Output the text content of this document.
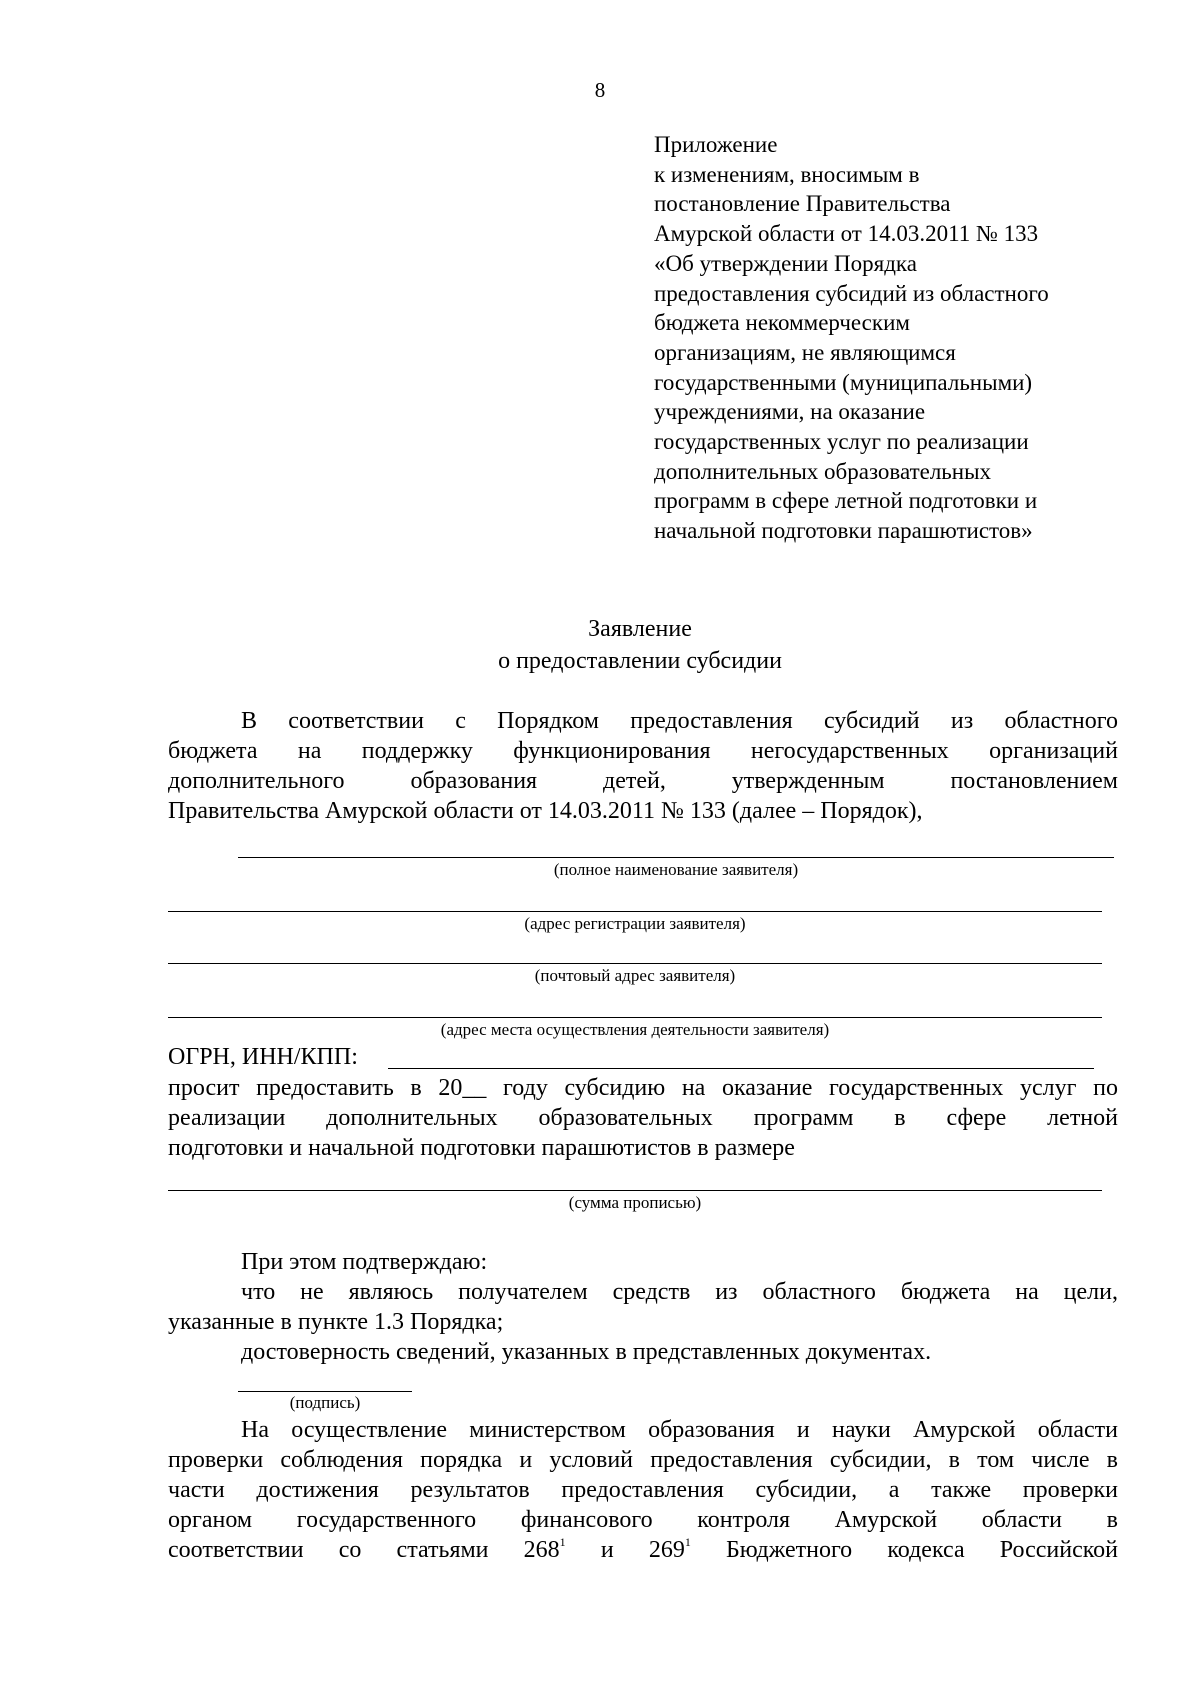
8
Приложение
к изменениям, вносимым в
постановление Правительства
Амурской области от 14.03.2011 № 133
«Об утверждении Порядка
предоставления субсидий из областного
бюджета некоммерческим
организациям, не являющимся
государственными (муниципальными)
учреждениями, на оказание
государственных услуг по реализации
дополнительных образовательных
программ в сфере летной подготовки и
начальной подготовки парашютистов»
Заявление
о предоставлении субсидии
В соответствии с Порядком предоставления субсидий из областного
бюджета на поддержку функционирования негосударственных организаций
дополнительного образования детей, утвержденным постановлением
Правительства Амурской области от 14.03.2011 № 133 (далее – Порядок),
(полное наименование заявителя)
(адрес регистрации заявителя)
(почтовый адрес заявителя)
(адрес места осуществления деятельности заявителя)
ОГРН, ИНН/КПП:
просит предоставить в 20__ году субсидию на оказание государственных услуг по
реализации дополнительных образовательных программ в сфере летной
подготовки и начальной подготовки парашютистов в размере
(сумма прописью)
При этом подтверждаю:
что не являюсь получателем средств из областного бюджета на цели,
указанные в пункте 1.3 Порядка;
достоверность сведений, указанных в представленных документах.
(подпись)
На осуществление министерством образования и науки Амурской области
проверки соблюдения порядка и условий предоставления субсидии, в том числе в
части достижения результатов предоставления субсидии, а также проверки
органом государственного финансового контроля Амурской области в
соответствии со статьями $268^1$ и $269^1$ Бюджетного кодекса Российской
